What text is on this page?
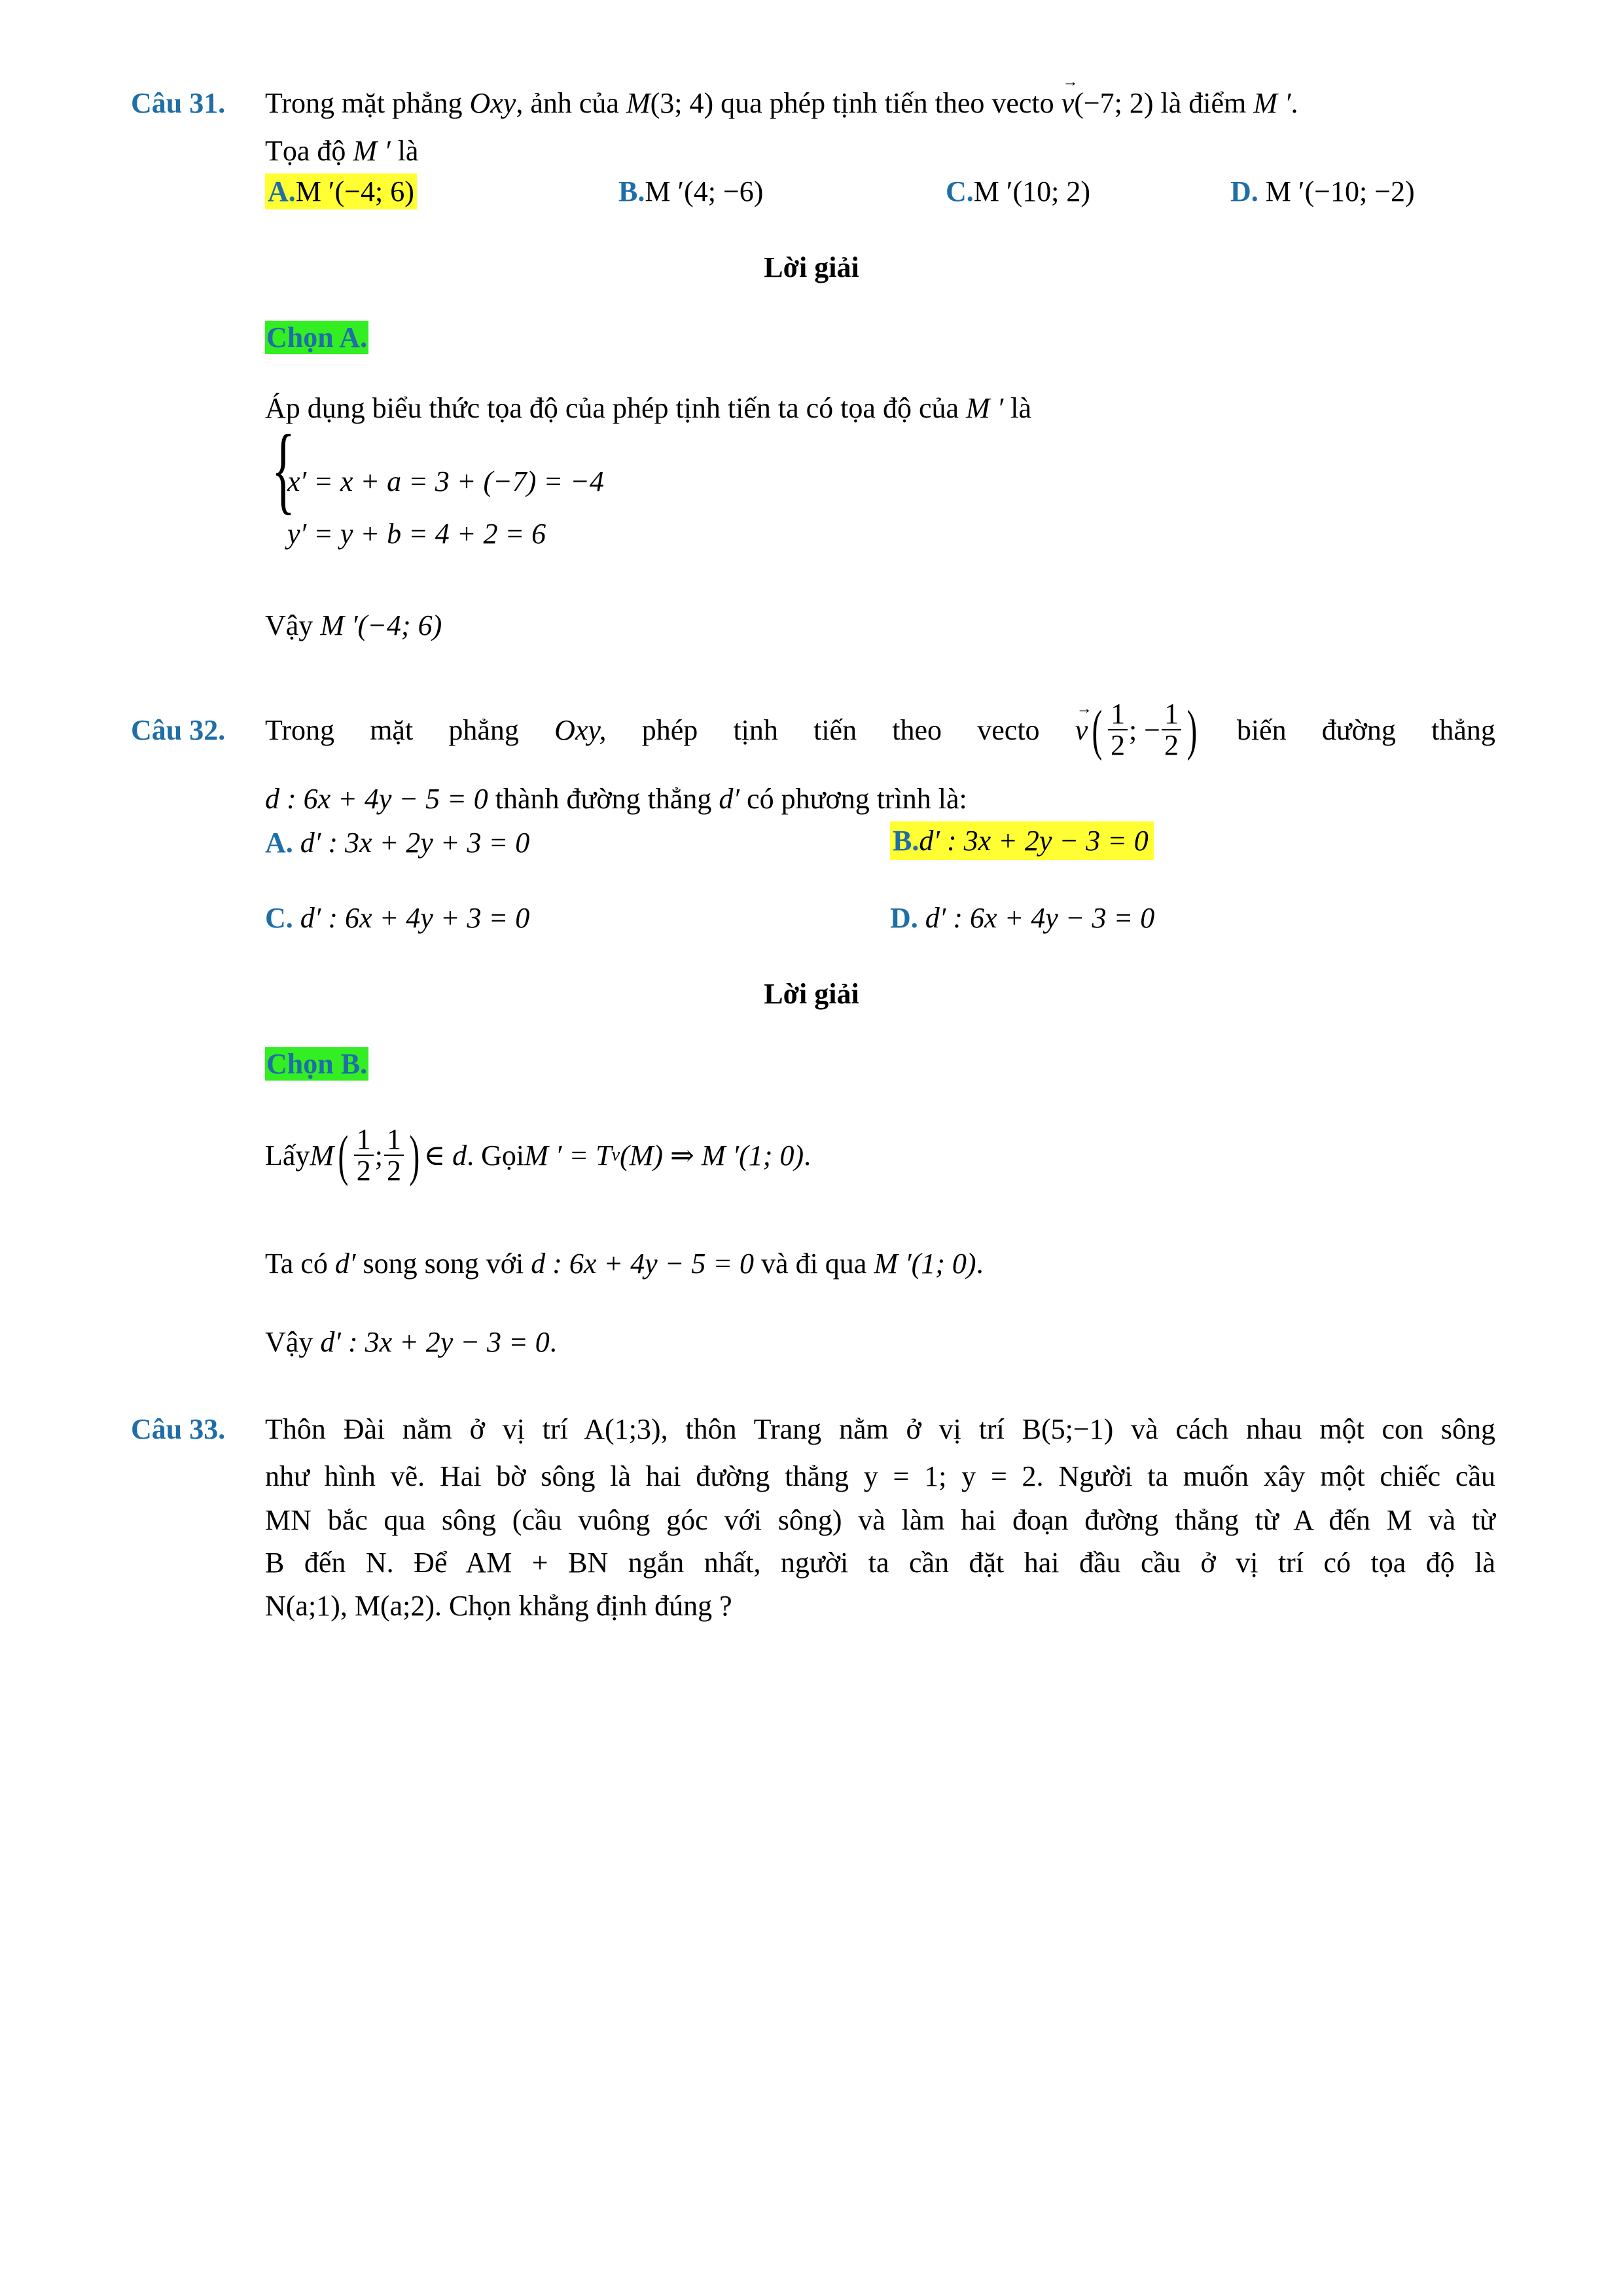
Câu 31. Trong mặt phẳng Oxy, ảnh của M(3; 4) qua phép tịnh tiến theo vecto → v(−7; 2) là điểm M ′.
Tọa độ M ′ là
A.M ′(−4; 6)	B.M ′(4; −6)	C.M ′(10; 2)	D. M ′(−10; −2)
Lời giải
Chọn A.
Áp dụng biểu thức tọa độ của phép tịnh tiến ta có tọa độ của M ′ là
{
x′ = x + a = 3 + (−7) = −4
y′ = y + b = 4 + 2 = 6
Vậy M ′(−4; 6)
Câu 32. Trong mặt phẳng Oxy, phép tịnh tiến theo vecto
→ v ( $\frac{1}{2}$ ; − $\frac{1}{2}$ ) biến đường thẳng
d : 6x + 4y − 5 = 0 thành đường thẳng d′ có phương trình là:
A. d′ : 3x + 2y + 3 = 0	B.d′ : 3x + 2y − 3 = 0
C. d′ : 6x + 4y + 3 = 0	D. d′ : 6x + 4y − 3 = 0
Lời giải
Chọn B.
Lấy M ( $\frac{1}{2}$ ; $\frac{1}{2}$ ) ∈ d . Gọi M ′ = T v (M) ⇒ M ′(1; 0) .
Ta có d′ song song với d : 6x + 4y − 5 = 0 và đi qua M ′(1; 0).
Vậy d′ : 3x + 2y − 3 = 0.
Câu 33. Thôn Đài nằm ở vị trí A(1;3), thôn Trang nằm ở vị trí B(5;−1) và cách nhau một con sông
như hình vẽ. Hai bờ sông là hai đường thẳng y = 1; y = 2. Người ta muốn xây một chiếc cầu
MN bắc qua sông (cầu vuông góc với sông) và làm hai đoạn đường thẳng từ A đến M và từ
B đến N. Để AM + BN ngắn nhất, người ta cần đặt hai đầu cầu ở vị trí có tọa độ là
N(a;1), M(a;2). Chọn khẳng định đúng ?
